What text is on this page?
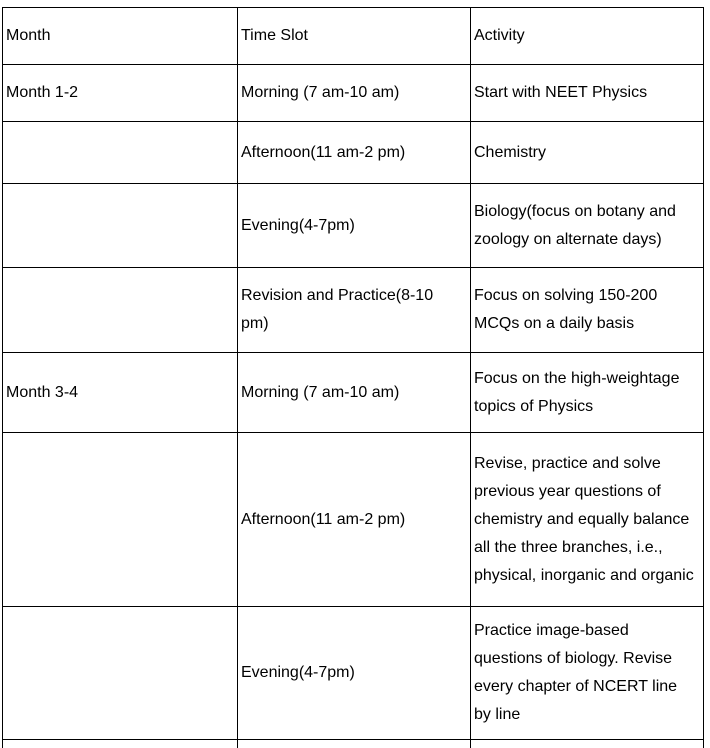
Month	Time Slot	Activity
Month 1-2	Morning (7 am-10 am)	Start with NEET Physics
	Afternoon(11 am-2 pm)	Chemistry
	Evening(4-7pm)	Biology(focus on botany and zoology on alternate days)
	Revision and Practice(8-10 pm)	Focus on solving 150-200 MCQs on a daily basis
Month 3-4	Morning (7 am-10 am)	Focus on the high-weightage topics of Physics
	Afternoon(11 am-2 pm)	Revise, practice and solve previous year questions of chemistry and equally balance all the three branches, i.e., physical, inorganic and organic
	Evening(4-7pm)	Practice image-based questions of biology. Revise every chapter of NCERT line by line
